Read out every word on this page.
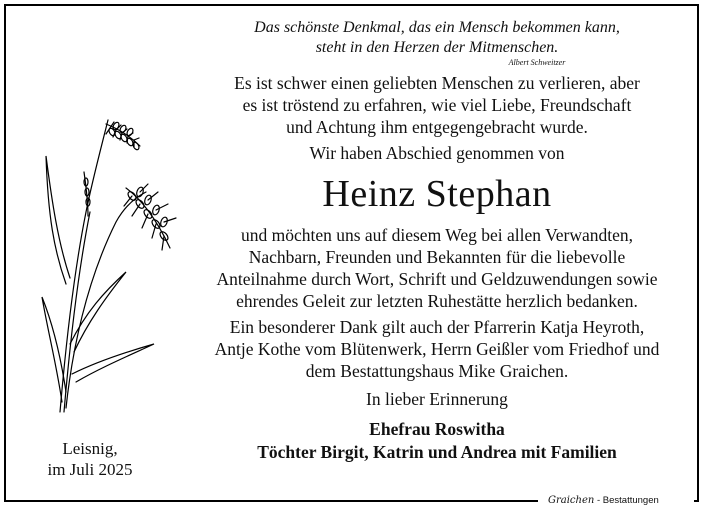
Das schönste Denkmal, das ein Mensch bekommen kann,

steht in den Herzen der Mitmenschen.

Albert Schweitzer

Es ist schwer einen geliebten Menschen zu verlieren, aber

es ist tröstend zu erfahren, wie viel Liebe, Freundschaft

und Achtung ihm entgegengebracht wurde.

Wir haben Abschied genommen von

Heinz Stephan

und möchten uns auf diesem Weg bei allen Verwandten,

Nachbarn, Freunden und Bekannten für die liebevolle

Anteilnahme durch Wort, Schrift und Geldzuwendungen sowie

ehrendes Geleit zur letzten Ruhestätte herzlich bedanken.

Ein besonderer Dank gilt auch der Pfarrerin Katja Heyroth,

Antje Kothe vom Blütenwerk, Herrn Geißler vom Friedhof und

dem Bestattungshaus Mike Graichen.

In lieber Erinnerung

Ehefrau Roswitha

Töchter Birgit, Katrin und Andrea mit Familien

Leisnig,
im Juli 2025
Graichen - Bestattungen
